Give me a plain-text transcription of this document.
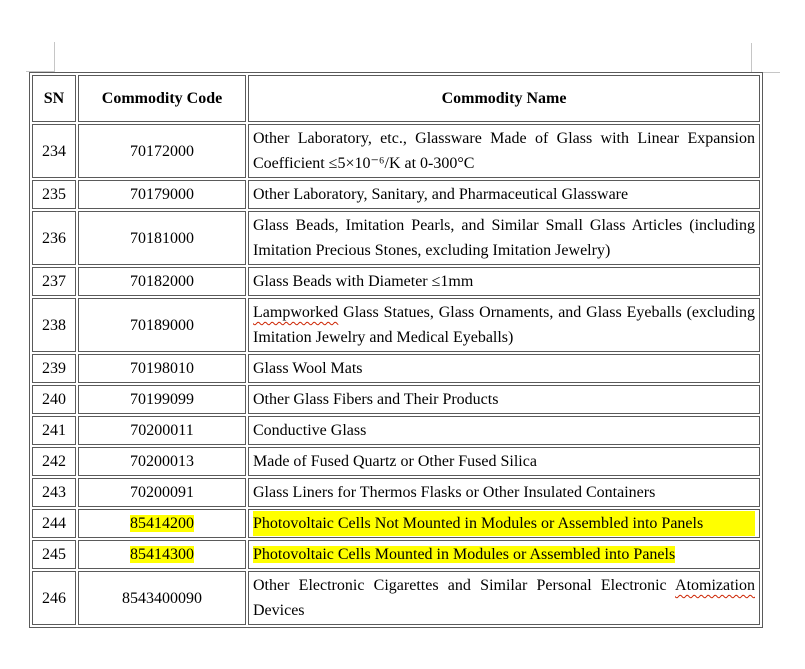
SN	Commodity Code	Commodity Name
234	70172000	Other Laboratory, etc., Glassware Made of Glass with Linear Expansion Coefficient ≤5×10⁻⁶/K at 0-300°C
235	70179000	Other Laboratory, Sanitary, and Pharmaceutical Glassware
236	70181000	Glass Beads, Imitation Pearls, and Similar Small Glass Articles (including Imitation Precious Stones, excluding Imitation Jewelry)
237	70182000	Glass Beads with Diameter ≤1mm
238	70189000	Lampworked Glass Statues, Glass Ornaments, and Glass Eyeballs (excluding Imitation Jewelry and Medical Eyeballs)
239	70198010	Glass Wool Mats
240	70199099	Other Glass Fibers and Their Products
241	70200011	Conductive Glass
242	70200013	Made of Fused Quartz or Other Fused Silica
243	70200091	Glass Liners for Thermos Flasks or Other Insulated Containers
244	85414200	Photovoltaic Cells Not Mounted in Modules or Assembled into Panels

245	85414300	Photovoltaic Cells Mounted in Modules or Assembled into Panels
246	8543400090	Other Electronic Cigarettes and Similar Personal Electronic Atomization Devices
